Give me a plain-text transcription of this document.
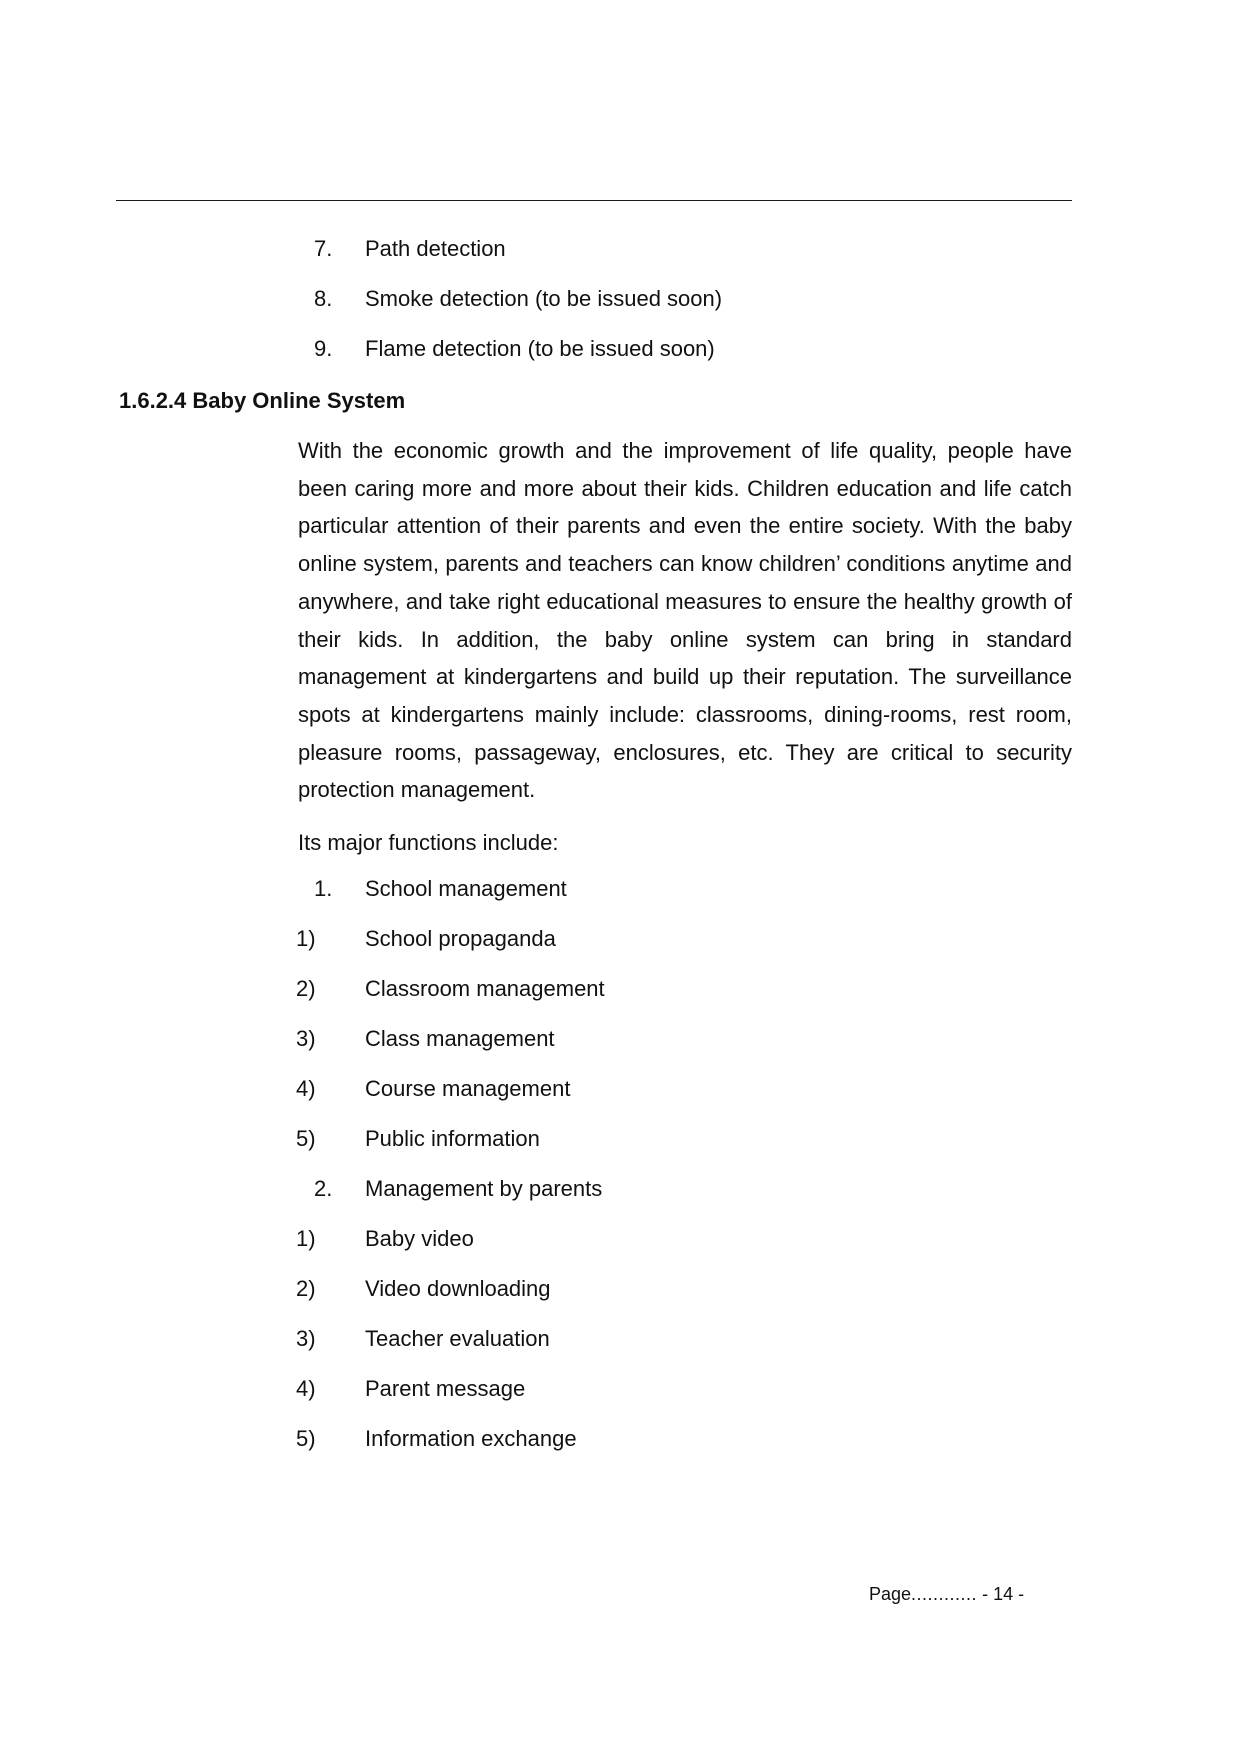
7. Path detection
8. Smoke detection (to be issued soon)
9. Flame detection (to be issued soon)
1.6.2.4 Baby Online System

With the economic growth and the improvement of life quality, people have been caring more and more about their kids. Children education and life catch particular attention of their parents and even the entire society. With the baby online system, parents and teachers can know children’ conditions anytime and anywhere, and take right educational measures to ensure the healthy growth of their kids. In addition, the baby online system can bring in standard management at kindergartens and build up their reputation. The surveillance spots at kindergartens mainly include: classrooms, dining-rooms, rest room, pleasure rooms, passageway, enclosures, etc. They are critical to security protection management.

Its major functions include:
1. School management
1) School propaganda
2) Classroom management
3) Class management
4) Course management
5) Public information
2. Management by parents
1) Baby video
2) Video downloading
3) Teacher evaluation
4) Parent message
5) Information exchange
Page............ - 14 -
